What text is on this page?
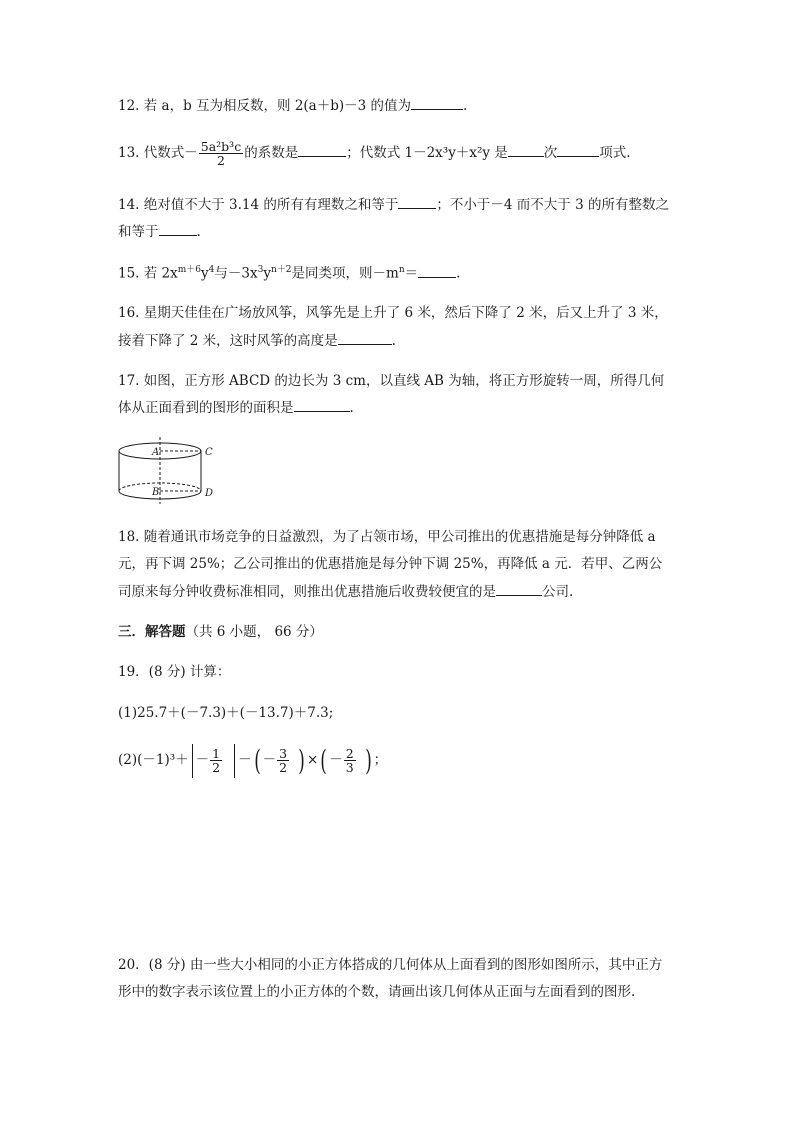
12. 若 a，b 互为相反数，则 2(a＋b)－3 的值为	.
13. 代数式－ $\frac{\text{5a²b³c}}{2}$ 的系数是	；代数式 1－2x³y＋x²y 是	次	项式.
14. 绝对值不大于 3.14 的所有有理数之和等于	；不小于－4 而不大于 3 的所有整数之
和等于	.
15. 若 $2x^{m+6}y^4$与$-3x^3y^{n+2}$是同类项，则$-m^n=$	.
16. 星期天佳佳在广场放风筝，风筝先是上升了 6 米，然后下降了 2 米，后又上升了 3 米，
接着下降了 2 米，这时风筝的高度是	.
17. 如图，正方形 ABCD 的边长为 3 cm，以直线 AB 为轴，将正方形旋转一周，所得几何
体从正面看到的图形的面积是	.
A
B
C
D
18. 随着通讯市场竞争的日益激烈，为了占领市场，甲公司推出的优惠措施是每分钟降低 a
元，再下调 25%；乙公司推出的优惠措施是每分钟下调 25%，再降低 a 元．若甲、乙两公
司原来每分钟收费标准相同，则推出优惠措施后收费较便宜的是	公司.
三．解答题（共 6 小题， 66 分）
19．(8 分) 计算：
(1)25.7＋(－7.3)＋(－13.7)＋7.3;
$(2)(-1)^3+ - \frac{1}{2}$ －( － $\frac{3}{2}$ ) ×( － $\frac{2}{3}$ ) ；
20．(8 分) 由一些大小相同的小正方体搭成的几何体从上面看到的图形如图所示，其中正方
形中的数字表示该位置上的小正方体的个数，请画出该几何体从正面与左面看到的图形.
